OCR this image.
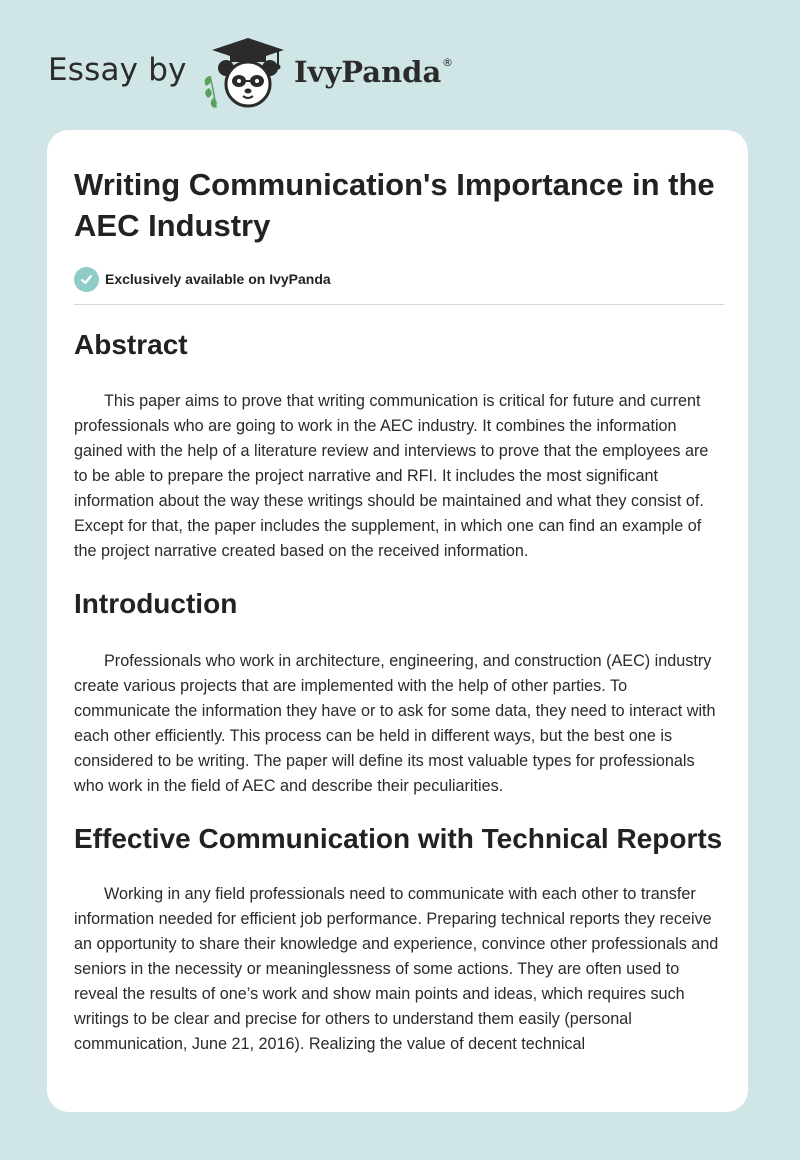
Essay by	IvyPanda ®
Writing Communication's Importance in the AEC Industry
Exclusively available on IvyPanda
Abstract

This paper aims to prove that writing communication is critical for future and current professionals who are going to work in the AEC industry. It combines the information gained with the help of a literature review and interviews to prove that the employees are to be able to prepare the project narrative and RFI. It includes the most significant information about the way these writings should be maintained and what they consist of. Except for that, the paper includes the supplement, in which one can find an example of the project narrative created based on the received information.

Introduction

Professionals who work in architecture, engineering, and construction (AEC) industry create various projects that are implemented with the help of other parties. To communicate the information they have or to ask for some data, they need to interact with each other efficiently. This process can be held in different ways, but the best one is considered to be writing. The paper will define its most valuable types for professionals who work in the field of AEC and describe their peculiarities.

Effective Communication with Technical Reports

Working in any field professionals need to communicate with each other to transfer information needed for efficient job performance. Preparing technical reports they receive an opportunity to share their knowledge and experience, convince other professionals and seniors in the necessity or meaninglessness of some actions. They are often used to reveal the results of one’s work and show main points and ideas, which requires such writings to be clear and precise for others to understand them easily (personal communication, June 21, 2016). Realizing the value of decent technical
